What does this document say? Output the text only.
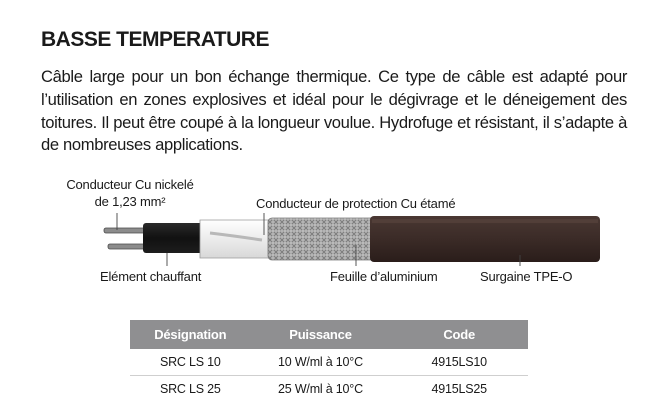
BASSE TEMPERATURE

Câble large pour un bon échange thermique. Ce type de câble est adapté pour l’utilisation en zones explosives et idéal pour le dégivrage et le déneigement des toitures. Il peut être coupé à la longueur voulue. Hydrofuge et résistant, il s’adapte à de nombreuses applications.

Conducteur Cu nickelé
de 1,23 mm²	Conducteur de protection Cu étamé
Elément chauffant	Feuille d’aluminium	Surgaine TPE-O
Désignation	Puissance	Code
SRC LS 10	10 W/ml à 10°C	4915LS10
SRC LS 25	25 W/ml à 10°C	4915LS25
